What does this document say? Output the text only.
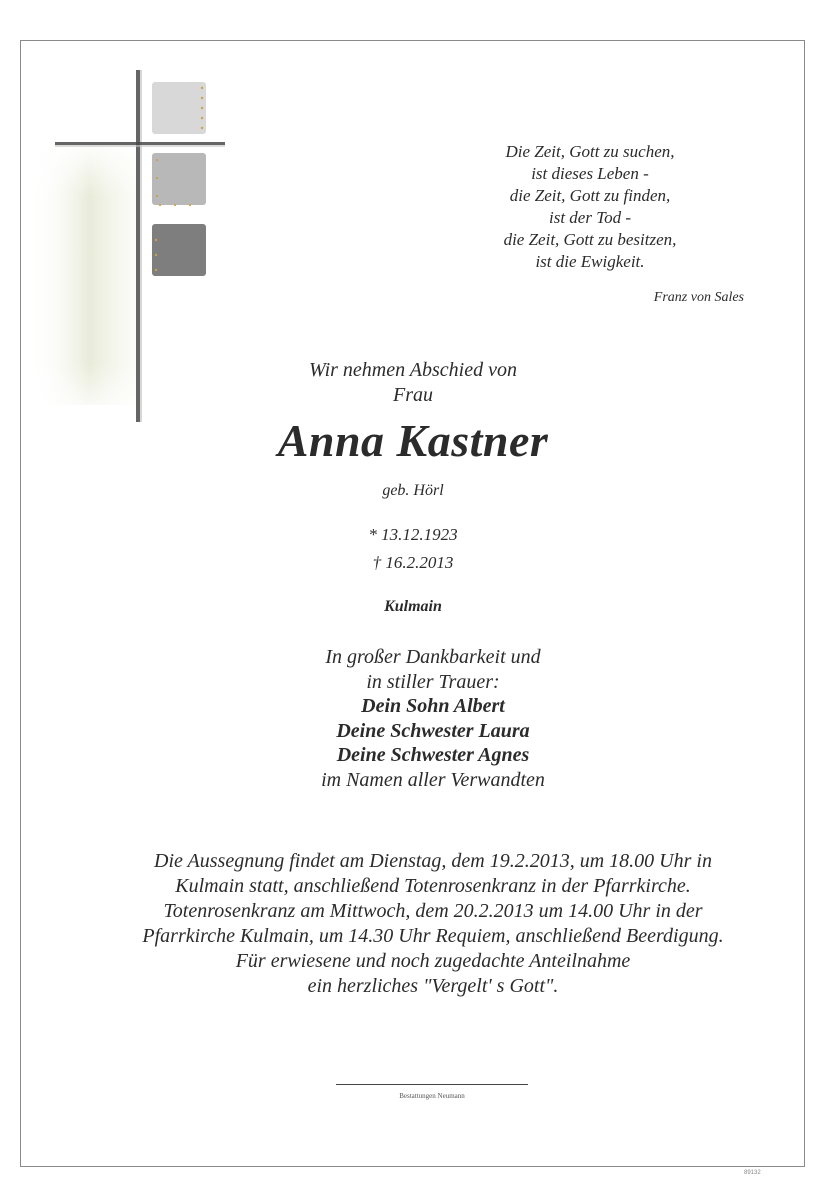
Die Zeit, Gott zu suchen,
ist dieses Leben -
die Zeit, Gott zu finden,
ist der Tod -
die Zeit, Gott zu besitzen,
ist die Ewigkeit.
Franz von Sales
Wir nehmen Abschied von
Frau
Anna Kastner
geb. Hörl
* 13.12.1923
† 16.2.2013
Kulmain
In großer Dankbarkeit und
in stiller Trauer:
Dein Sohn Albert
Deine Schwester Laura
Deine Schwester Agnes
im Namen aller Verwandten
Die Aussegnung findet am Dienstag, dem 19.2.2013, um 18.00 Uhr in
Kulmain statt, anschließend Totenrosenkranz in der Pfarrkirche.
Totenrosenkranz am Mittwoch, dem 20.2.2013 um 14.00 Uhr in der
Pfarrkirche Kulmain, um 14.30 Uhr Requiem, anschließend Beerdigung.
Für erwiesene und noch zugedachte Anteilnahme
ein herzliches "Vergelt' s Gott".
Bestattungen Neumann
89132
